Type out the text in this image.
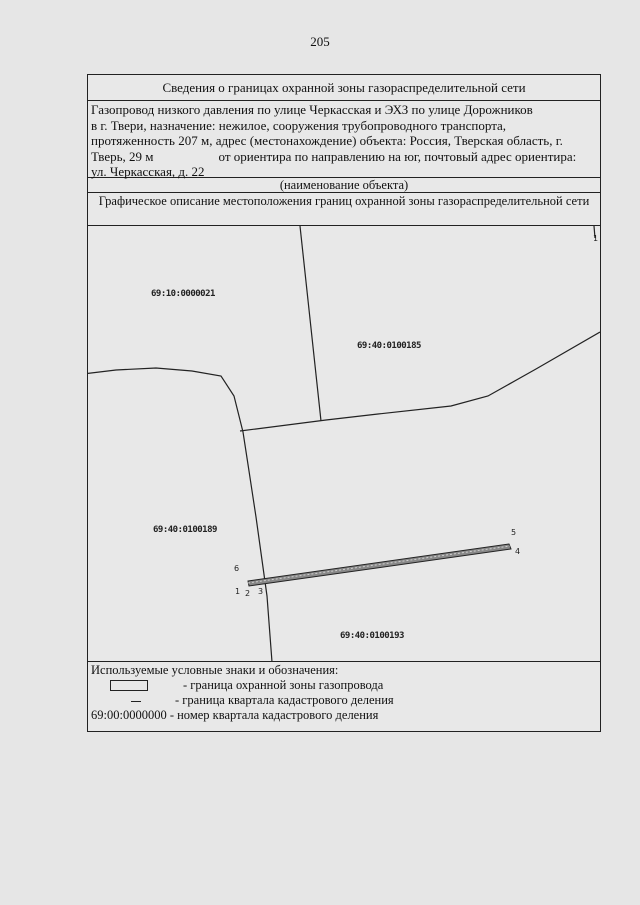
205
Сведения о границах охранной зоны газораспределительной сети

Газопровод низкого давления по улице Черкасская и ЭХЗ по улице Дорожников

в г. Твери, назначение: нежилое, сооружения трубопроводного транспорта,

протяженность 207 м, адрес (местонахождение) объекта: Россия, Тверская область, г.

Тверь, 29 м                    от ориентира по направлению на юг, почтовый адрес ориентира:

ул. Черкасская, д. 22

(наименование объекта)
Графическое описание местоположения границ охранной зоны газораспределительной сети
69:10:0000021
69:40:0100185
69:40:0100189
69:40:0100193
6
1 2 3
4
5
1
Используемые условные знаки и обозначения:
- граница охранной зоны газопровода
- граница квартала кадастрового деления
69:00:0000000 - номер квартала кадастрового деления
